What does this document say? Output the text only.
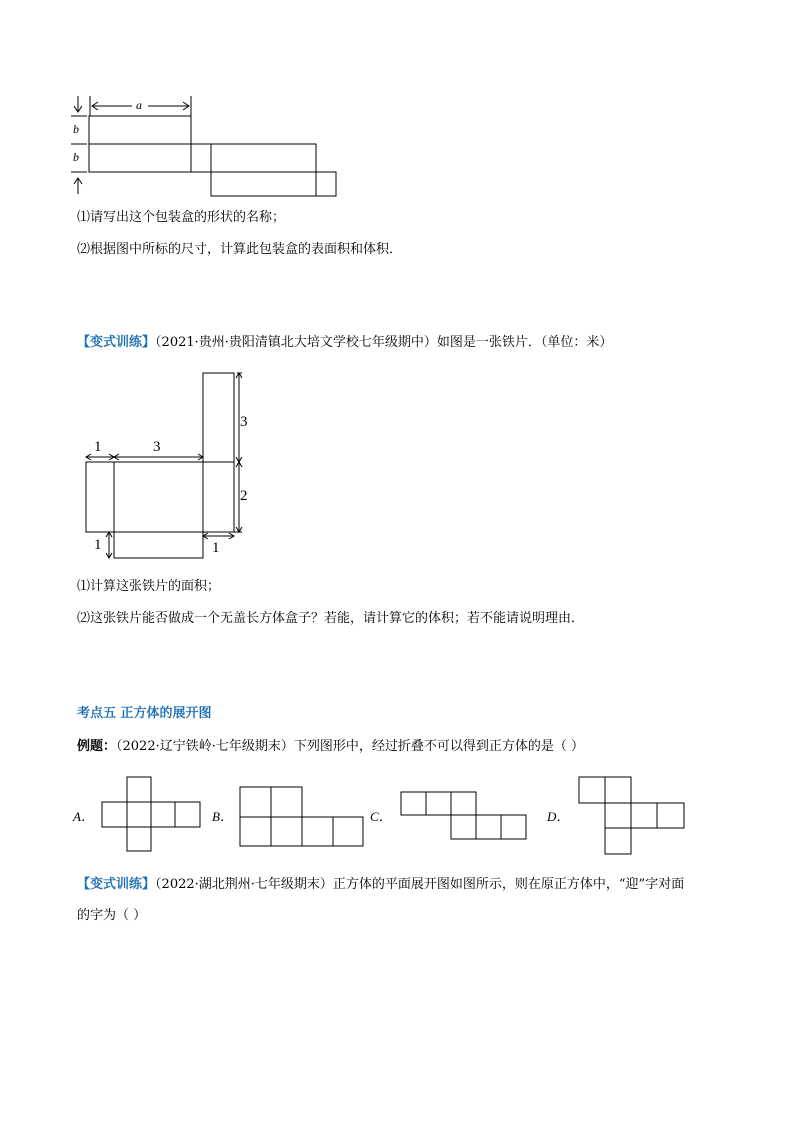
a
b
b
⑴请写出这个包装盒的形状的名称；
⑵根据图中所标的尺寸，计算此包装盒的表面积和体积．
【变式训练】（2021·贵州·贵阳清镇北大培文学校七年级期中）如图是一张铁片．（单位：米）
1	3
3
2
1	1
⑴计算这张铁片的面积；
⑵这张铁片能否做成一个无盖长方体盒子？若能，请计算它的体积；若不能请说明理由．
考点五 正方体的展开图
例题：（2022·辽宁铁岭·七年级期末）下列图形中，经过折叠不可以得到正方体的是（ ）
A．	B．	C．	D．
【变式训练】（2022·湖北荆州·七年级期末）正方体的平面展开图如图所示，则在原正方体中，“迎”字对面
的字为（ ）
